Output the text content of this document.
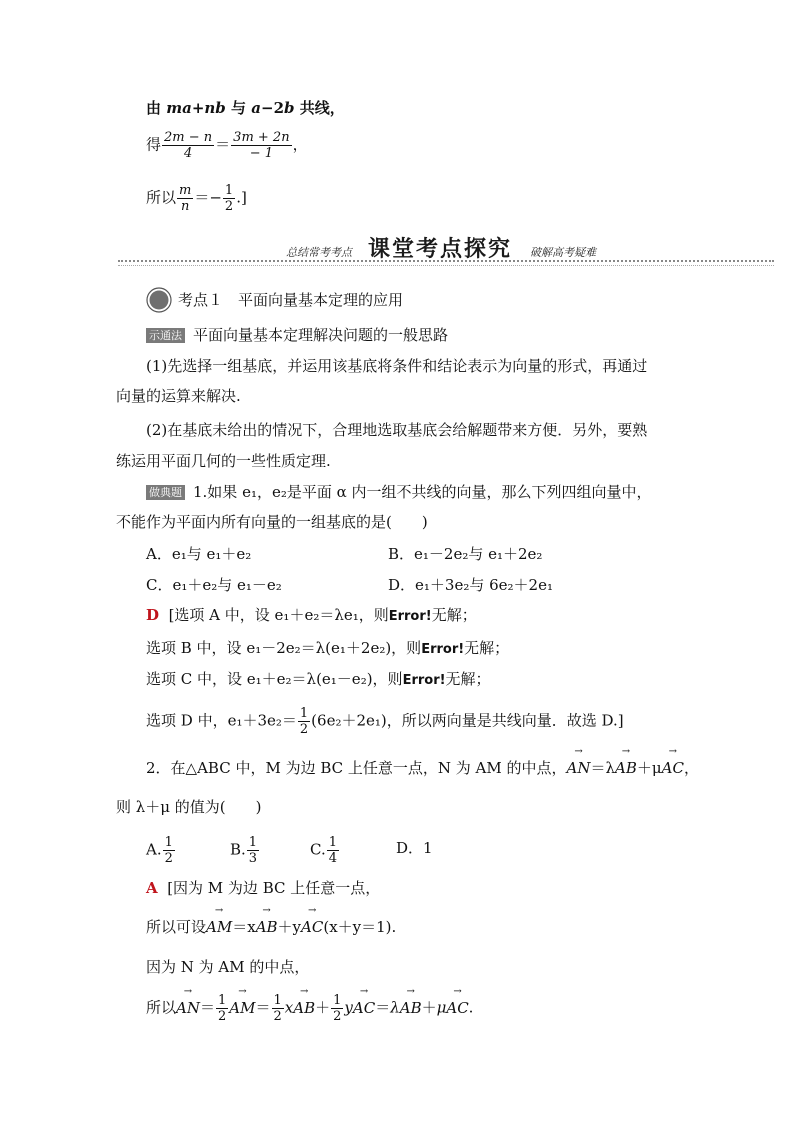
由 ma+nb 与 a−2b 共线，
得 $\frac{2m - n}{4} = \frac{3m + 2n}{- 1}$ ，
所以 $\frac{m}{n} =- \frac{1}{2}$ .]
总结常考考点 课堂考点探究 破解高考疑难
考点１　平面向量基本定理的应用
示通法 平面向量基本定理解决问题的一般思路
(1)先选择一组基底，并运用该基底将条件和结论表示为向量的形式，再通过
向量的运算来解决.
(2)在基底未给出的情况下，合理地选取基底会给解题带来方便．另外，要熟
练运用平面几何的一些性质定理.
做典题 1.如果 e₁，e₂是平面 α 内一组不共线的向量，那么下列四组向量中，
不能作为平面内所有向量的一组基底的是(　　)
A．e₁与 e₁＋e₂	B．e₁－2e₂与 e₁＋2e₂
C．e₁＋e₂与 e₁－e₂	D．e₁＋3e₂与 6e₂＋2e₁
D [选项 A 中，设 e₁＋e₂＝λe₁，则Error!无解；
选项 B 中，设 e₁－2e₂＝λ(e₁＋2e₂)，则Error!无解；
选项 C 中，设 e₁＋e₂＝λ(e₁－e₂)，则Error!无解；
选项 D 中，$e_1+3e_2= \frac{1}{2} (6e_2+2e_1)$，所以两向量是共线向量．故选 D.]
2．在△ABC 中，M 为边 BC 上任意一点，N 为 AM 的中点，→ AN＝λ→ AB＋μ→ AC，
则 λ＋μ 的值为(　　)
A. $\frac{1}{2}$	B. $\frac{1}{3}$	C. $\frac{1}{4}$	D．1
A [因为 M 为边 BC 上任意一点，
所以可设→ AM＝x→ AB＋y→ AC(x＋y＝1).
因为 N 为 AM 的中点，
所以→ $AN= \frac{1}{2}$
→ $AM= \frac{1}{2} x\to AB+ \frac{1}{2} y\to AC=\lambda\to AB+\mu\to$ AC.
